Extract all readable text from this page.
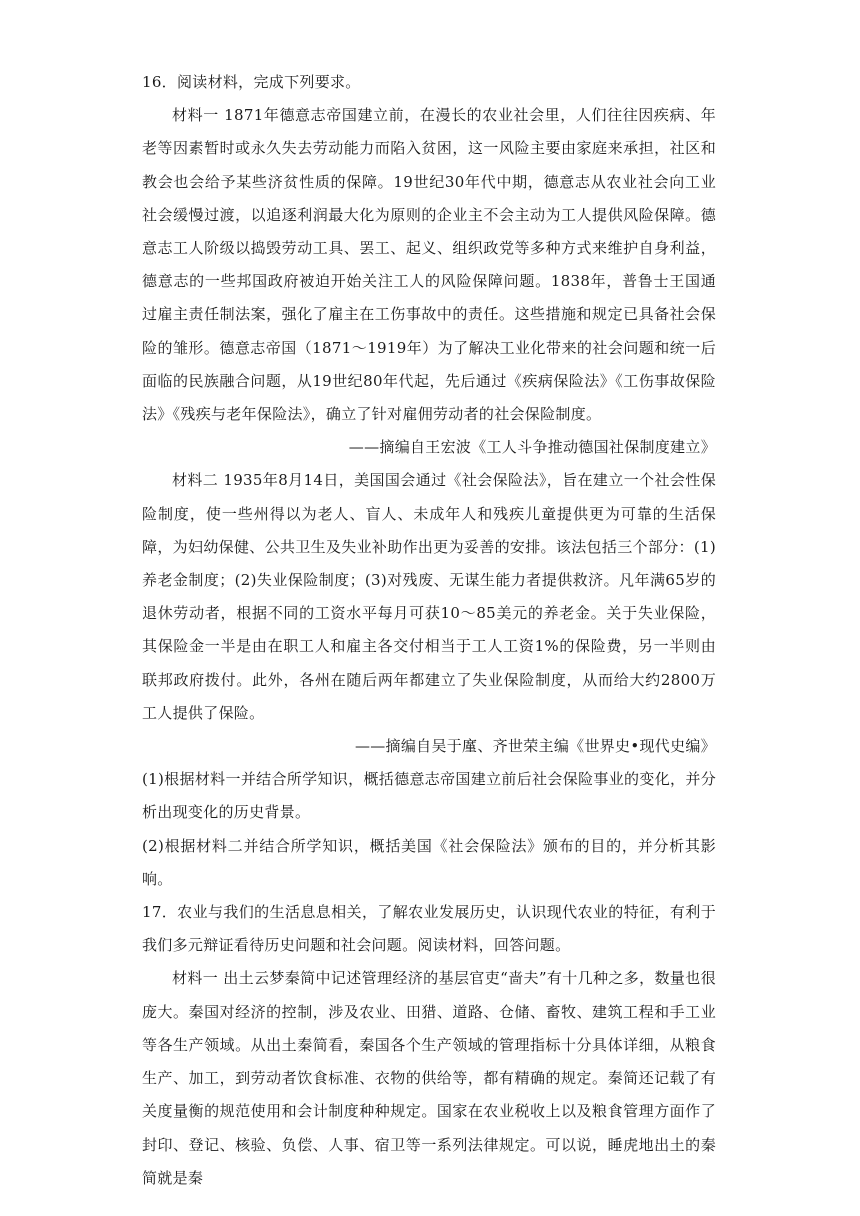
16．阅读材料，完成下列要求。

材料一 1871年德意志帝国建立前，在漫长的农业社会里，人们往往因疾病、年老等因素暂时或永久失去劳动能力而陷入贫困，这一风险主要由家庭来承担，社区和教会也会给予某些济贫性质的保障。19世纪30年代中期，德意志从农业社会向工业社会缓慢过渡，以追逐利润最大化为原则的企业主不会主动为工人提供风险保障。德意志工人阶级以捣毁劳动工具、罢工、起义、组织政党等多种方式来维护自身利益，德意志的一些邦国政府被迫开始关注工人的风险保障问题。1838年，普鲁士王国通过雇主责任制法案，强化了雇主在工伤事故中的责任。这些措施和规定已具备社会保险的雏形。德意志帝国（1871～1919年）为了解决工业化带来的社会问题和统一后面临的民族融合问题，从19世纪80年代起，先后通过《疾病保险法》《工伤事故保险法》《残疾与老年保险法》，确立了针对雇佣劳动者的社会保险制度。

——摘编自王宏波《工人斗争推动德国社保制度建立》

材料二 1935年8月14日，美国国会通过《社会保险法》，旨在建立一个社会性保险制度，使一些州得以为老人、盲人、未成年人和残疾儿童提供更为可靠的生活保障，为妇幼保健、公共卫生及失业补助作出更为妥善的安排。该法包括三个部分：(1)养老金制度；(2)失业保险制度；(3)对残废、无谋生能力者提供救济。凡年满65岁的退休劳动者，根据不同的工资水平每月可获10～85美元的养老金。关于失业保险，其保险金一半是由在职工人和雇主各交付相当于工人工资1%的保险费，另一半则由联邦政府拨付。此外，各州在随后两年都建立了失业保险制度，从而给大约2800万工人提供了保险。

——摘编自吴于廑、齐世荣主编《世界史•现代史编》

(1)根据材料一并结合所学知识，概括德意志帝国建立前后社会保险事业的变化，并分析出现变化的历史背景。

(2)根据材料二并结合所学知识，概括美国《社会保险法》颁布的目的，并分析其影响。

17．农业与我们的生活息息相关，了解农业发展历史，认识现代农业的特征，有利于我们多元辩证看待历史问题和社会问题。阅读材料，回答问题。

材料一 出土云梦秦简中记述管理经济的基层官吏“啬夫”有十几种之多，数量也很庞大。秦国对经济的控制，涉及农业、田猎、道路、仓储、畜牧、建筑工程和手工业等各生产领域。从出土秦简看，秦国各个生产领域的管理指标十分具体详细，从粮食生产、加工，到劳动者饮食标准、衣物的供给等，都有精确的规定。秦简还记载了有关度量衡的规范使用和会计制度种种规定。国家在农业税收上以及粮食管理方面作了封印、登记、核验、负偿、人事、宿卫等一系列法律规定。可以说，睡虎地出土的秦简就是秦
